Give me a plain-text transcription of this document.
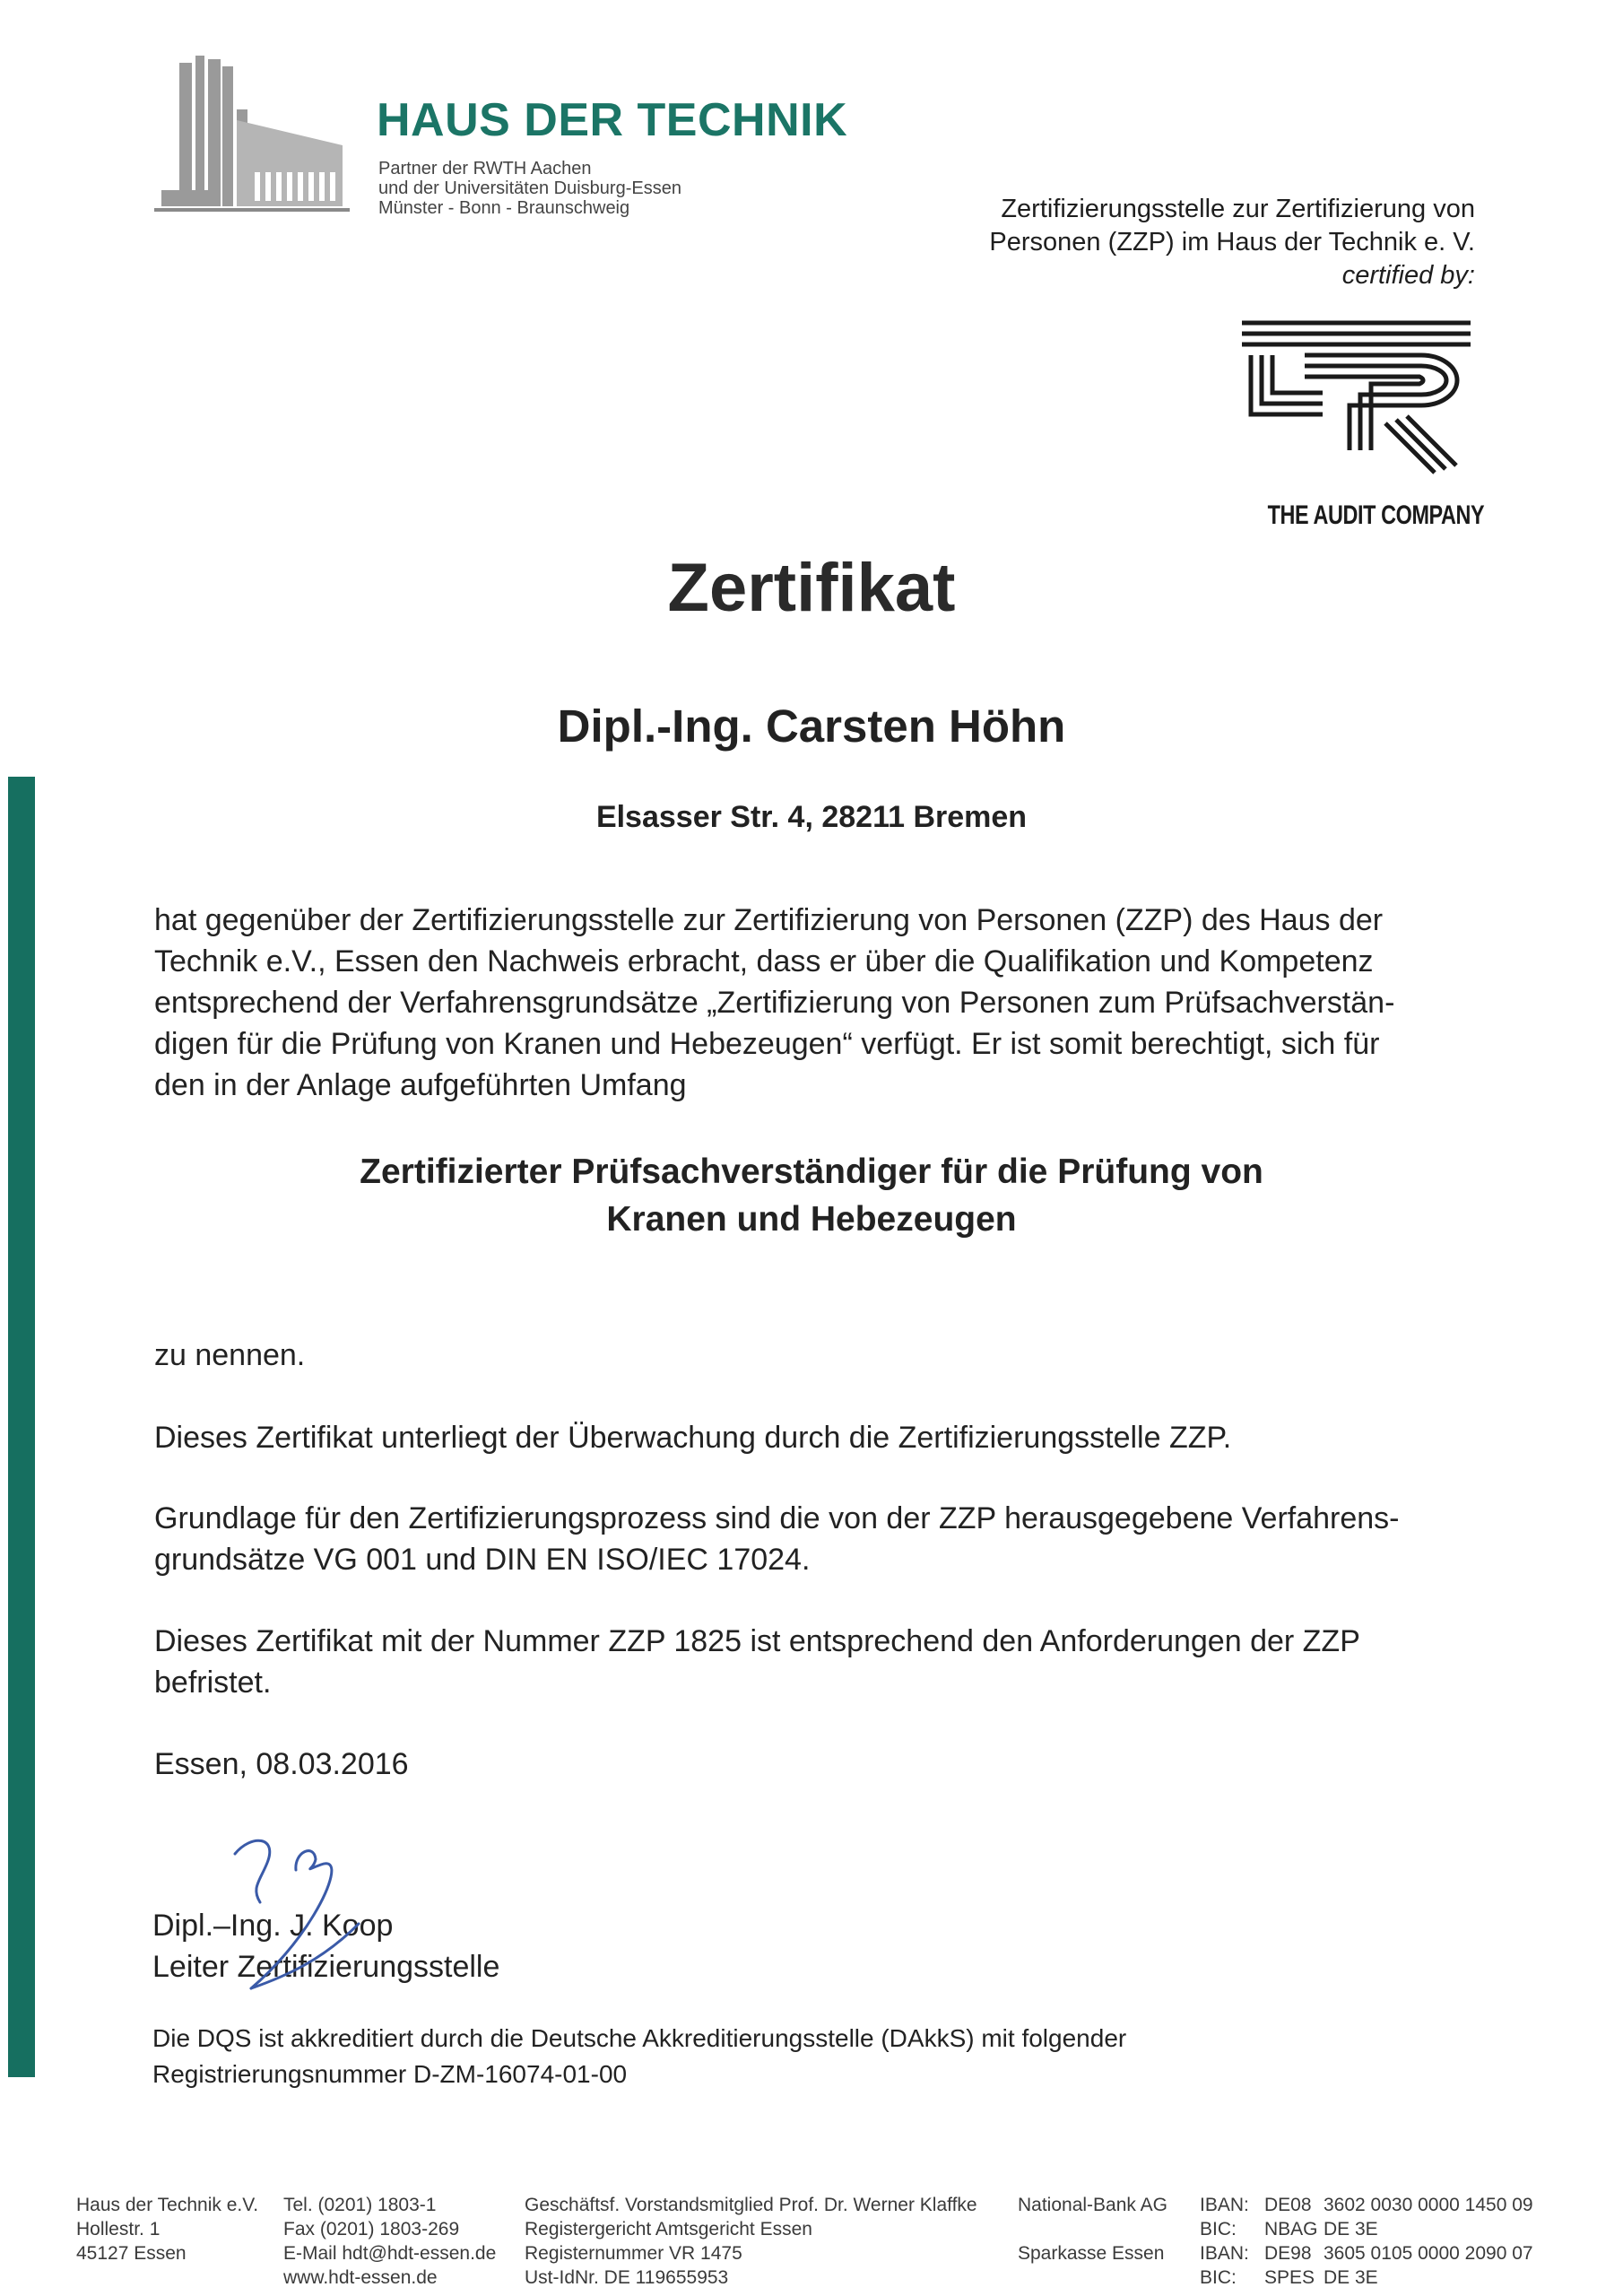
HAUS DER TECHNIK
Partner der RWTH Aachen
und der Universitäten Duisburg-Essen
Münster - Bonn - Braunschweig	Zertifizierungsstelle zur Zertifizierung von
Personen (ZZP) im Haus der Technik e. V.
certified by:
THE AUDIT COMPANY
Zertifikat
Dipl.-Ing. Carsten Höhn
Elsasser Str. 4, 28211 Bremen
hat gegenüber der Zertifizierungsstelle zur Zertifizierung von Personen (ZZP) des Haus der
Technik e.V., Essen den Nachweis erbracht, dass er über die Qualifikation und Kompetenz
entsprechend der Verfahrensgrundsätze „Zertifizierung von Personen zum Prüfsachverstän-
digen für die Prüfung von Kranen und Hebezeugen“ verfügt. Er ist somit berechtigt, sich für
den in der Anlage aufgeführten Umfang
Zertifizierter Prüfsachverständiger für die Prüfung von
Kranen und Hebezeugen
zu nennen.
Dieses Zertifikat unterliegt der Überwachung durch die Zertifizierungsstelle ZZP.
Grundlage für den Zertifizierungsprozess sind die von der ZZP herausgegebene Verfahrens-
grundsätze VG 001 und DIN EN ISO/IEC 17024.
Dieses Zertifikat mit der Nummer ZZP 1825 ist entsprechend den Anforderungen der ZZP
befristet.
Essen, 08.03.2016
Dipl.–Ing. J. Koop
Leiter Zertifizierungsstelle
Die DQS ist akkreditiert durch die Deutsche Akkreditierungsstelle (DAkkS) mit folgender
Registrierungsnummer D-ZM-16074-01-00
Haus der Technik e.V.
Hollestr. 1
45127 Essen
Tel. (0201) 1803-1
Fax (0201) 1803-269
E-Mail hdt@hdt-essen.de
www.hdt-essen.de
Geschäftsf. Vorstandsmitglied Prof. Dr. Werner Klaffke
Registergericht Amtsgericht Essen
Registernummer VR 1475
Ust-IdNr. DE 119655953
National-Bank AG

Sparkasse Essen
IBAN: DE08 3602 0030 0000 1450 09
BIC: NBAG DE 3E
IBAN: DE98 3605 0105 0000 2090 07
BIC: SPES DE 3E
